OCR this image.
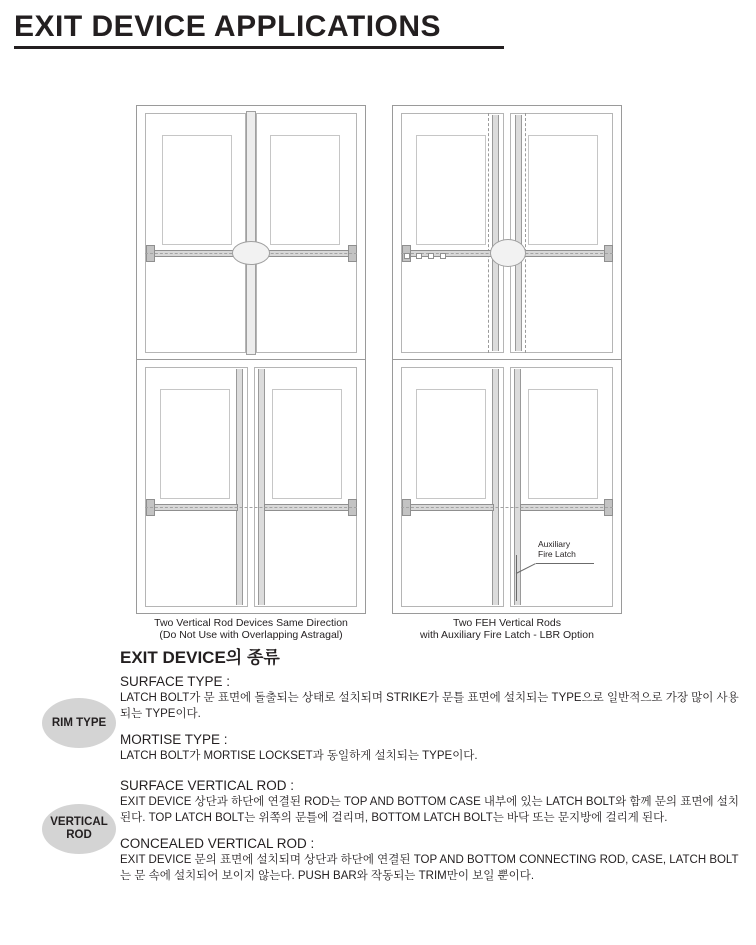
EXIT DEVICE APPLICATIONS
Two Vertical Rod Devices Same Direction
(Do Not Use with Overlapping Astragal)
Auxiliary
Fire Latch
Two FEH Vertical Rods
with Auxiliary Fire Latch - LBR Option
EXIT DEVICE의 종류
RIM TYPE
SURFACE TYPE :

LATCH BOLT가 문 표면에 돌출되는 상태로 설치되며 STRIKE가 문틀 표면에 설치되는 TYPE으로 일반적으로 가장 많이 사용되는 TYPE이다.

MORTISE TYPE :

LATCH BOLT가 MORTISE LOCKSET과 동일하게 설치되는 TYPE이다.

VERTICAL
ROD
SURFACE VERTICAL ROD :

EXIT DEVICE 상단과 하단에 연결된 ROD는 TOP AND BOTTOM CASE 내부에 있는 LATCH BOLT와 함께 문의 표면에 설치된다. TOP LATCH BOLT는 위쪽의 문틀에 걸리며, BOTTOM LATCH BOLT는 바닥 또는 문지방에 걸리게 된다.

CONCEALED VERTICAL ROD :

EXIT DEVICE 문의 표면에 설치되며 상단과 하단에 연결된 TOP AND BOTTOM CONNECTING ROD, CASE, LATCH BOLT는 문 속에 설치되어 보이지 않는다. PUSH BAR와 작동되는 TRIM만이 보일 뿐이다.
